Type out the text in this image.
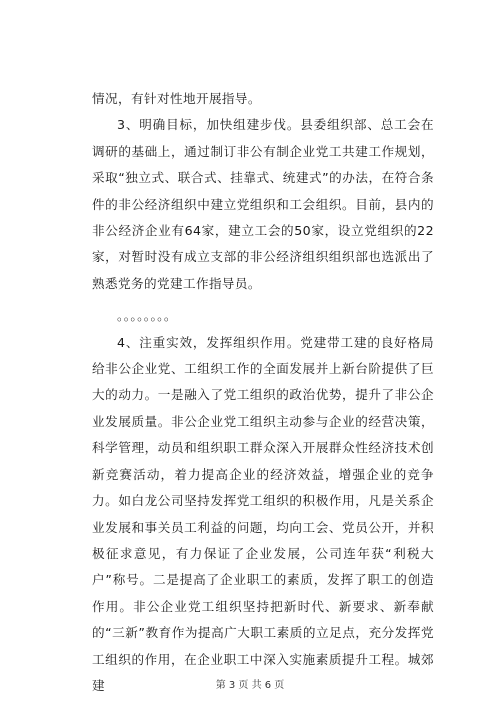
情况，有针对性地开展指导。

3、明确目标，加快组建步伐。县委组织部、总工会在调研的基础上，通过制订非公有制企业党工共建工作规划，采取“独立式、联合式、挂靠式、统建式”的办法，在符合条件的非公经济组织中建立党组织和工会组织。目前，县内的非公经济企业有64家，建立工会的50家，设立党组织的22家，对暂时没有成立支部的非公经济组织组织部也选派出了熟悉党务的党建工作指导员。

。。。。。。。。

4、注重实效，发挥组织作用。党建带工建的良好格局给非公企业党、工组织工作的全面发展并上新台阶提供了巨大的动力。一是融入了党工组织的政治优势，提升了非公企业发展质量。非公企业党工组织主动参与企业的经营决策，科学管理，动员和组织职工群众深入开展群众性经济技术创新竞赛活动，着力提高企业的经济效益，增强企业的竞争力。如白龙公司坚持发挥党工组织的积极作用，凡是关系企业发展和事关员工利益的问题，均向工会、党员公开，并积极征求意见，有力保证了企业发展，公司连年获“利税大户”称号。二是提高了企业职工的素质，发挥了职工的创造作用。非公企业党工组织坚持把新时代、新要求、新奉献的“三新”教育作为提高广大职工素质的立足点，充分发挥党工组织的作用，在企业职工中深入实施素质提升工程。城郊建	第 3 页 共 6 页
